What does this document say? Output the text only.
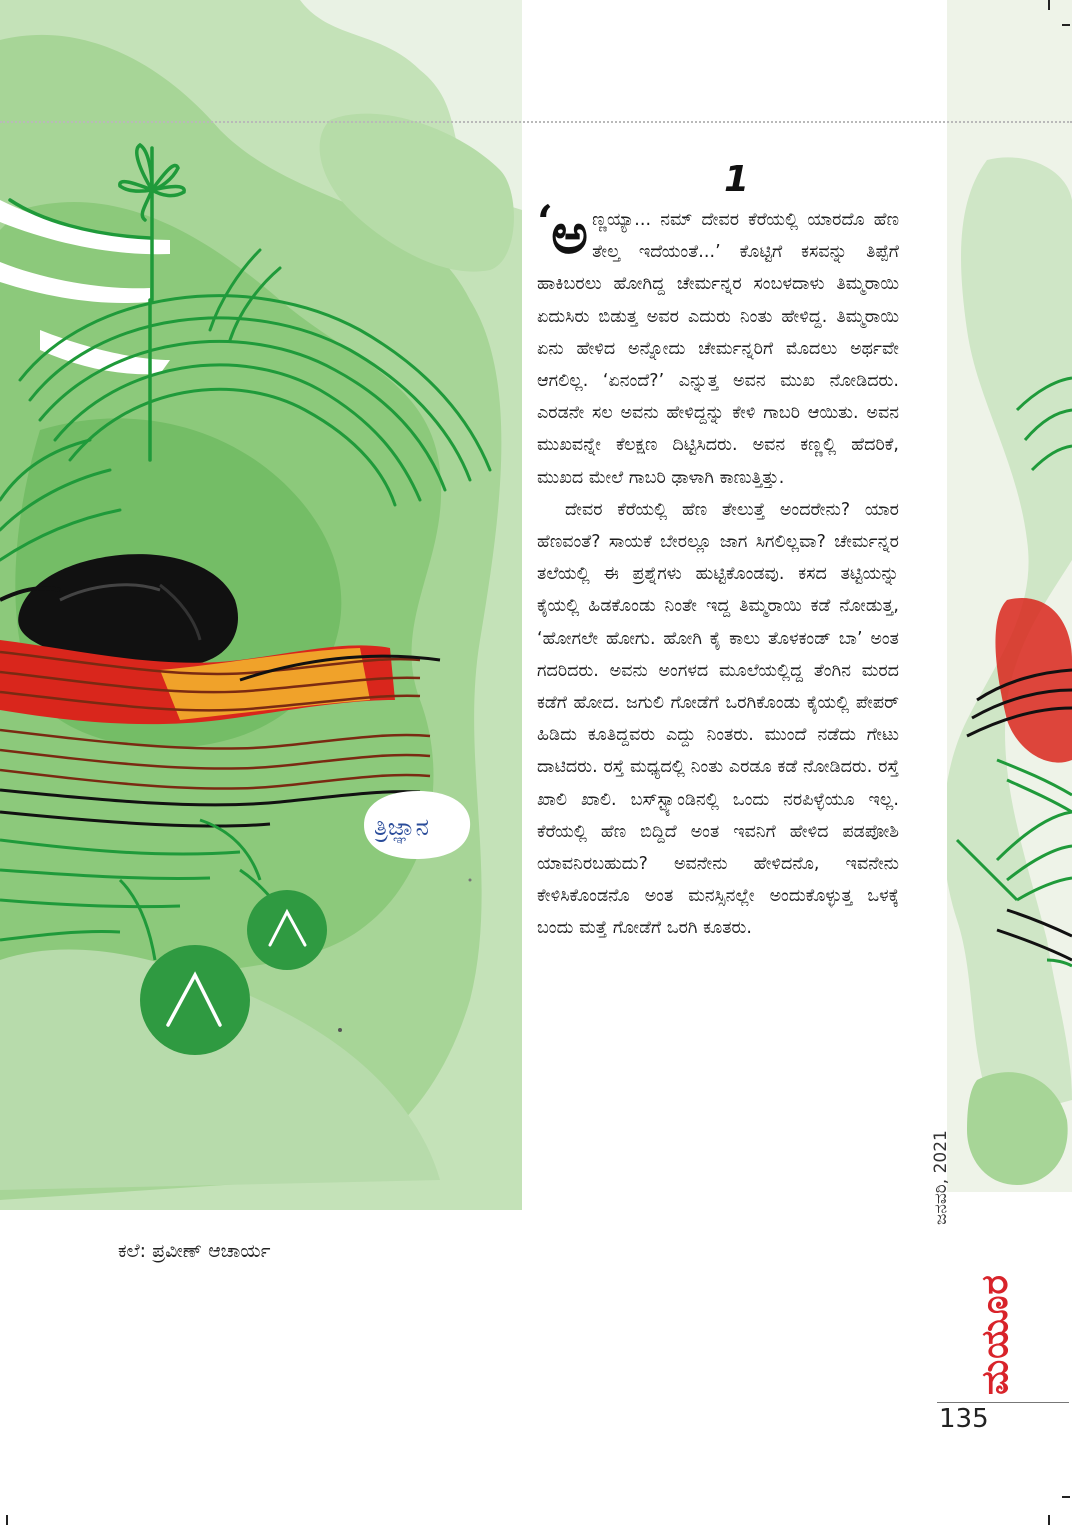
ತ್ರಿಜ್ಞಾನ
ಕಲೆ: ಪ್ರವೀಣ್ ಆಚಾರ್ಯ
1

‘ಅ ಣ್ಣಯ್ಯಾ... ನಮ್ ದೇವರ ಕೆರೆಯಲ್ಲಿ ಯಾರದೊ ಹೆಣ ತೇಲ್ತ ಇದೆಯಂತೆ...’ ಕೊಟ್ಟಿಗೆ ಕಸವನ್ನು ತಿಪ್ಪೆಗೆ ಹಾಕಿಬರಲು ಹೋಗಿದ್ದ ಚೇರ್ಮನ್ನರ ಸಂಬಳದಾಳು ತಿಮ್ಮರಾಯಿ ಏದುಸಿರು ಬಿಡುತ್ತ ಅವರ ಎದುರು ನಿಂತು ಹೇಳಿದ್ದ. ತಿಮ್ಮರಾಯಿ ಏನು ಹೇಳಿದ ಅನ್ನೋದು ಚೇರ್ಮನ್ನರಿಗೆ ಮೊದಲು ಅರ್ಥವೇ ಆಗಲಿಲ್ಲ. ‘ಏನಂದೆ?’ ಎನ್ನುತ್ತ ಅವನ ಮುಖ ನೋಡಿದರು. ಎರಡನೇ ಸಲ ಅವನು ಹೇಳಿದ್ದನ್ನು ಕೇಳಿ ಗಾಬರಿ ಆಯಿತು. ಅವನ ಮುಖವನ್ನೇ ಕೆಲಕ್ಷಣ ದಿಟ್ಟಿಸಿದರು. ಅವನ ಕಣ್ಣಲ್ಲಿ ಹೆದರಿಕೆ, ಮುಖದ ಮೇಲೆ ಗಾಬರಿ ಢಾಳಾಗಿ ಕಾಣುತ್ತಿತ್ತು.

ದೇವರ ಕೆರೆಯಲ್ಲಿ ಹೆಣ ತೇಲುತ್ತೆ ಅಂದರೇನು? ಯಾರ ಹೆಣವಂತೆ? ಸಾಯಕೆ ಬೇರಲ್ಲೂ ಜಾಗ ಸಿಗಲಿಲ್ಲವಾ? ಚೇರ್ಮನ್ನರ ತಲೆಯಲ್ಲಿ ಈ ಪ್ರಶ್ನೆಗಳು ಹುಟ್ಟಿಕೊಂಡವು. ಕಸದ ತಟ್ಟಿಯನ್ನು ಕೈಯಲ್ಲಿ ಹಿಡಕೊಂಡು ನಿಂತೇ ಇದ್ದ ತಿಮ್ಮರಾಯಿ ಕಡೆ ನೋಡುತ್ತ, ‘ಹೋಗಲೇ ಹೋಗು. ಹೋಗಿ ಕೈ ಕಾಲು ತೊಳಕಂಡ್ ಬಾ’ ಅಂತ ಗದರಿದರು. ಅವನು ಅಂಗಳದ ಮೂಲೆಯಲ್ಲಿದ್ದ ತೆಂಗಿನ ಮರದ ಕಡೆಗೆ ಹೋದ. ಜಗುಲಿ ಗೋಡೆಗೆ ಒರಗಿಕೊಂಡು ಕೈಯಲ್ಲಿ ಪೇಪರ್ ಹಿಡಿದು ಕೂತಿದ್ದವರು ಎದ್ದು ನಿಂತರು. ಮುಂದೆ ನಡೆದು ಗೇಟು ದಾಟಿದರು. ರಸ್ತೆ ಮಧ್ಯದಲ್ಲಿ ನಿಂತು ಎರಡೂ ಕಡೆ ನೋಡಿದರು. ರಸ್ತೆ ಖಾಲಿ ಖಾಲಿ. ಬಸ್‌ಸ್ಟ್ಯಾಂಡಿನಲ್ಲಿ ಒಂದು ನರಪಿಳ್ಳೆಯೂ ಇಲ್ಲ. ಕೆರೆಯಲ್ಲಿ ಹೆಣ ಬಿದ್ದಿದೆ ಅಂತ ಇವನಿಗೆ ಹೇಳಿದ ಪಡಪೋಶಿ ಯಾವನಿರಬಹುದು? ಅವನೇನು ಹೇಳಿದನೊ, ಇವನೇನು ಕೇಳಿಸಿಕೊಂಡನೊ ಅಂತ ಮನಸ್ಸಿನಲ್ಲೇ ಅಂದುಕೊಳ್ಳುತ್ತ ಒಳಕ್ಕೆ ಬಂದು ಮತ್ತೆ ಗೋಡೆಗೆ ಒರಗಿ ಕೂತರು.

ಜನವರಿ, 2021
ಮಯೂರ
135
